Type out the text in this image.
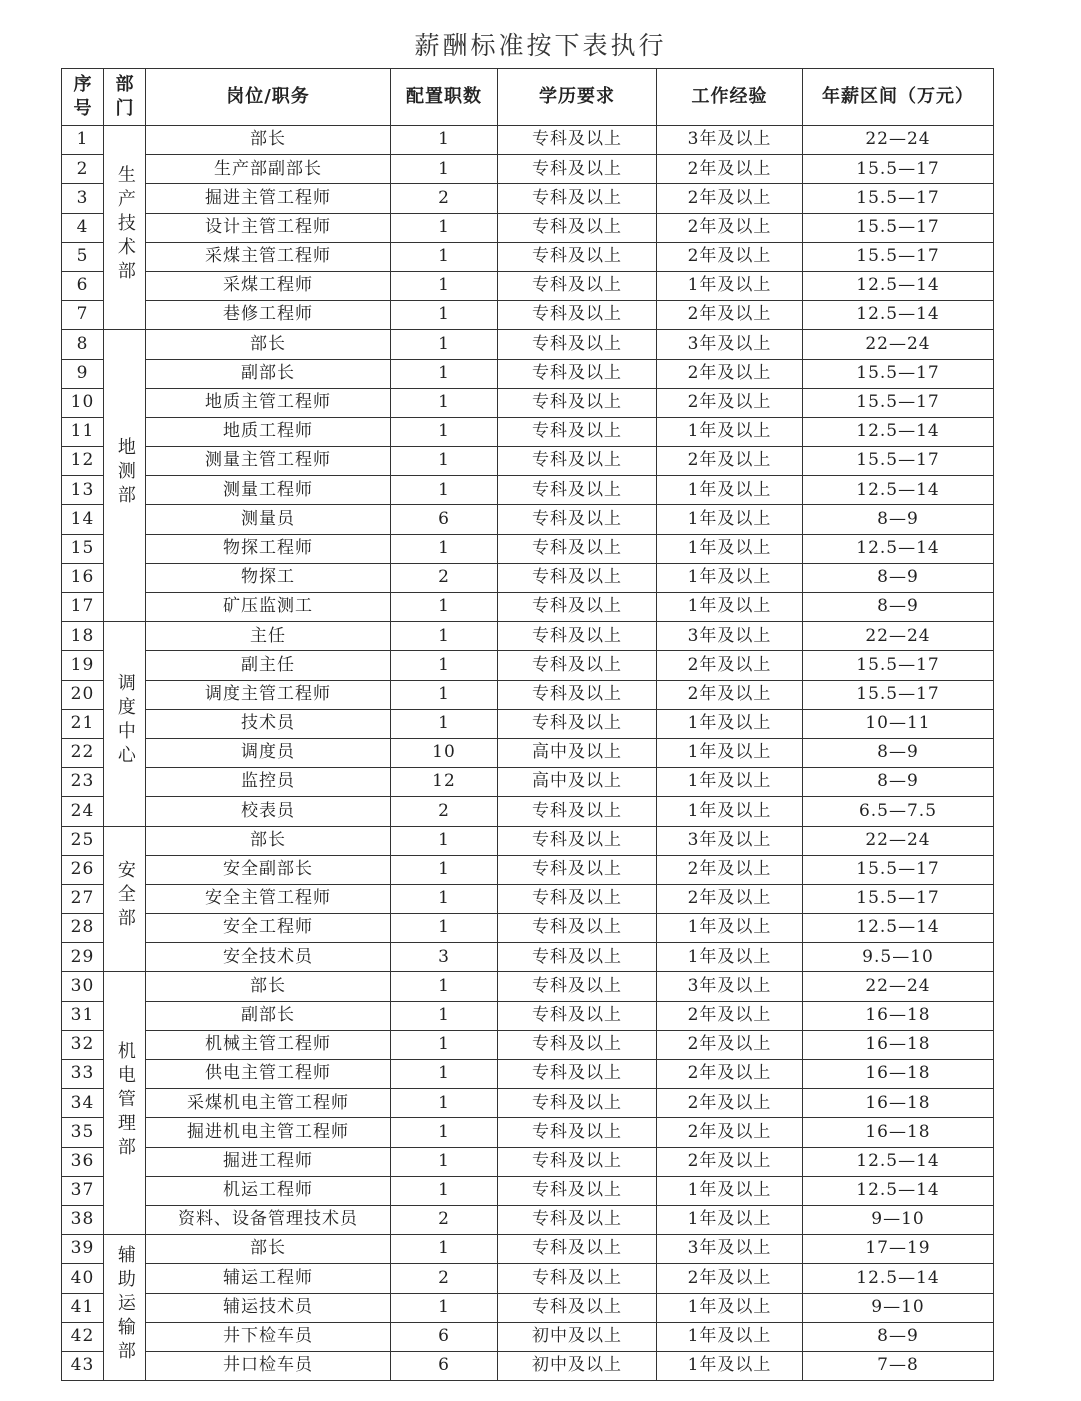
薪酬标准按下表执行
序号	部门	岗位/职务	配置职数	学历要求	工作经验	年薪区间（万元）
1	生产技术部	部长	1	专科及以上	3年及以上	22—24
2		生产部副部长	1	专科及以上	2年及以上	15.5—17
3		掘进主管工程师	2	专科及以上	2年及以上	15.5—17
4		设计主管工程师	1	专科及以上	2年及以上	15.5—17
5		采煤主管工程师	1	专科及以上	2年及以上	15.5—17
6		采煤工程师	1	专科及以上	1年及以上	12.5—14
7		巷修工程师	1	专科及以上	2年及以上	12.5—14
8	地测部	部长	1	专科及以上	3年及以上	22—24
9		副部长	1	专科及以上	2年及以上	15.5—17
10		地质主管工程师	1	专科及以上	2年及以上	15.5—17
11		地质工程师	1	专科及以上	1年及以上	12.5—14
12		测量主管工程师	1	专科及以上	2年及以上	15.5—17
13		测量工程师	1	专科及以上	1年及以上	12.5—14
14		测量员	6	专科及以上	1年及以上	8—9
15		物探工程师	1	专科及以上	1年及以上	12.5—14
16		物探工	2	专科及以上	1年及以上	8—9
17		矿压监测工	1	专科及以上	1年及以上	8—9
18	调度中心	主任	1	专科及以上	3年及以上	22—24
19		副主任	1	专科及以上	2年及以上	15.5—17
20		调度主管工程师	1	专科及以上	2年及以上	15.5—17
21		技术员	1	专科及以上	1年及以上	10—11
22		调度员	10	高中及以上	1年及以上	8—9
23		监控员	12	高中及以上	1年及以上	8—9
24		校表员	2	专科及以上	1年及以上	6.5—7.5
25	安全部	部长	1	专科及以上	3年及以上	22—24
26		安全副部长	1	专科及以上	2年及以上	15.5—17
27		安全主管工程师	1	专科及以上	2年及以上	15.5—17
28		安全工程师	1	专科及以上	1年及以上	12.5—14
29		安全技术员	3	专科及以上	1年及以上	9.5—10
30	机电管理部	部长	1	专科及以上	3年及以上	22—24
31		副部长	1	专科及以上	2年及以上	16—18
32		机械主管工程师	1	专科及以上	2年及以上	16—18
33		供电主管工程师	1	专科及以上	2年及以上	16—18
34		采煤机电主管工程师	1	专科及以上	2年及以上	16—18
35		掘进机电主管工程师	1	专科及以上	2年及以上	16—18
36		掘进工程师	1	专科及以上	2年及以上	12.5—14
37		机运工程师	1	专科及以上	1年及以上	12.5—14
38		资料、设备管理技术员	2	专科及以上	1年及以上	9—10
39	辅助运输部	部长	1	专科及以上	3年及以上	17—19
40		辅运工程师	2	专科及以上	2年及以上	12.5—14
41		辅运技术员	1	专科及以上	1年及以上	9—10
42		井下检车员	6	初中及以上	1年及以上	8—9
43		井口检车员	6	初中及以上	1年及以上	7—8
